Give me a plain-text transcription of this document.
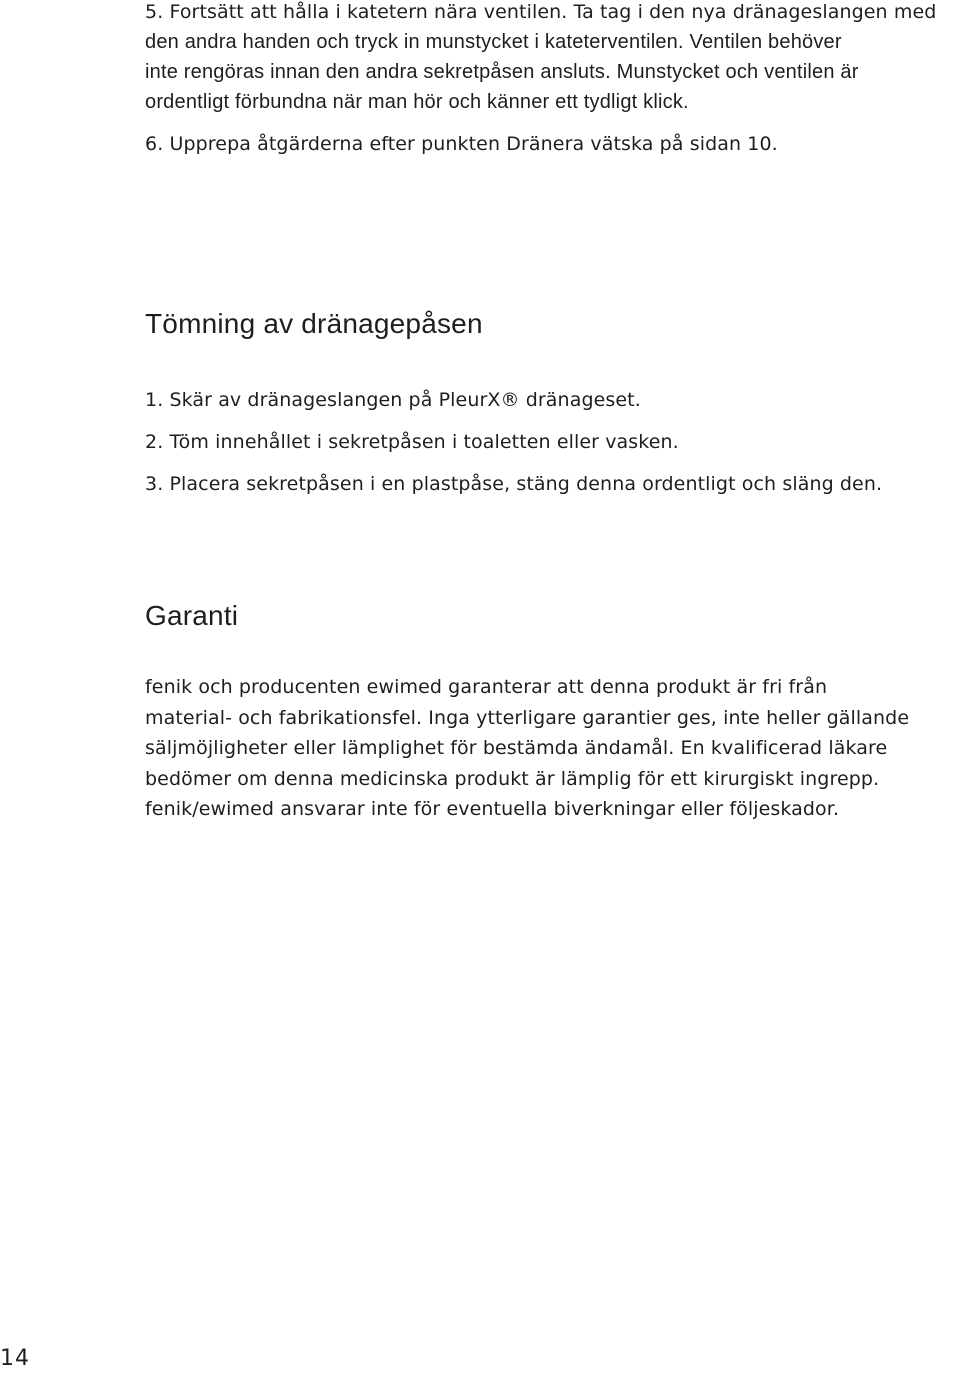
5. Fortsätt att hålla i katetern nära ventilen. Ta tag i den nya dränageslangen med
den andra handen och tryck in munstycket i kateterventilen. Ventilen behöver
inte rengöras innan den andra sekretpåsen ansluts. Munstycket och ventilen är
ordentligt förbundna när man hör och känner ett tydligt klick.
6. Upprepa åtgärderna efter punkten Dränera vätska på sidan 10.
Tömning av dränagepåsen
1. Skär av dränageslangen på PleurX® dränageset.
2. Töm innehållet i sekretpåsen i toaletten eller vasken.
3. Placera sekretpåsen i en plastpåse, stäng denna ordentligt och släng den.
Garanti

fenik och producenten ewimed garanterar att denna produkt är fri från
material- och fabrikationsfel. Inga ytterligare garantier ges, inte heller gällande
säljmöjligheter eller lämplighet för bestämda ändamål. En kvalificerad läkare
bedömer om denna medicinska produkt är lämplig för ett kirurgiskt ingrepp.
fenik/ewimed ansvarar inte för eventuella biverkningar eller följeskador.

14
